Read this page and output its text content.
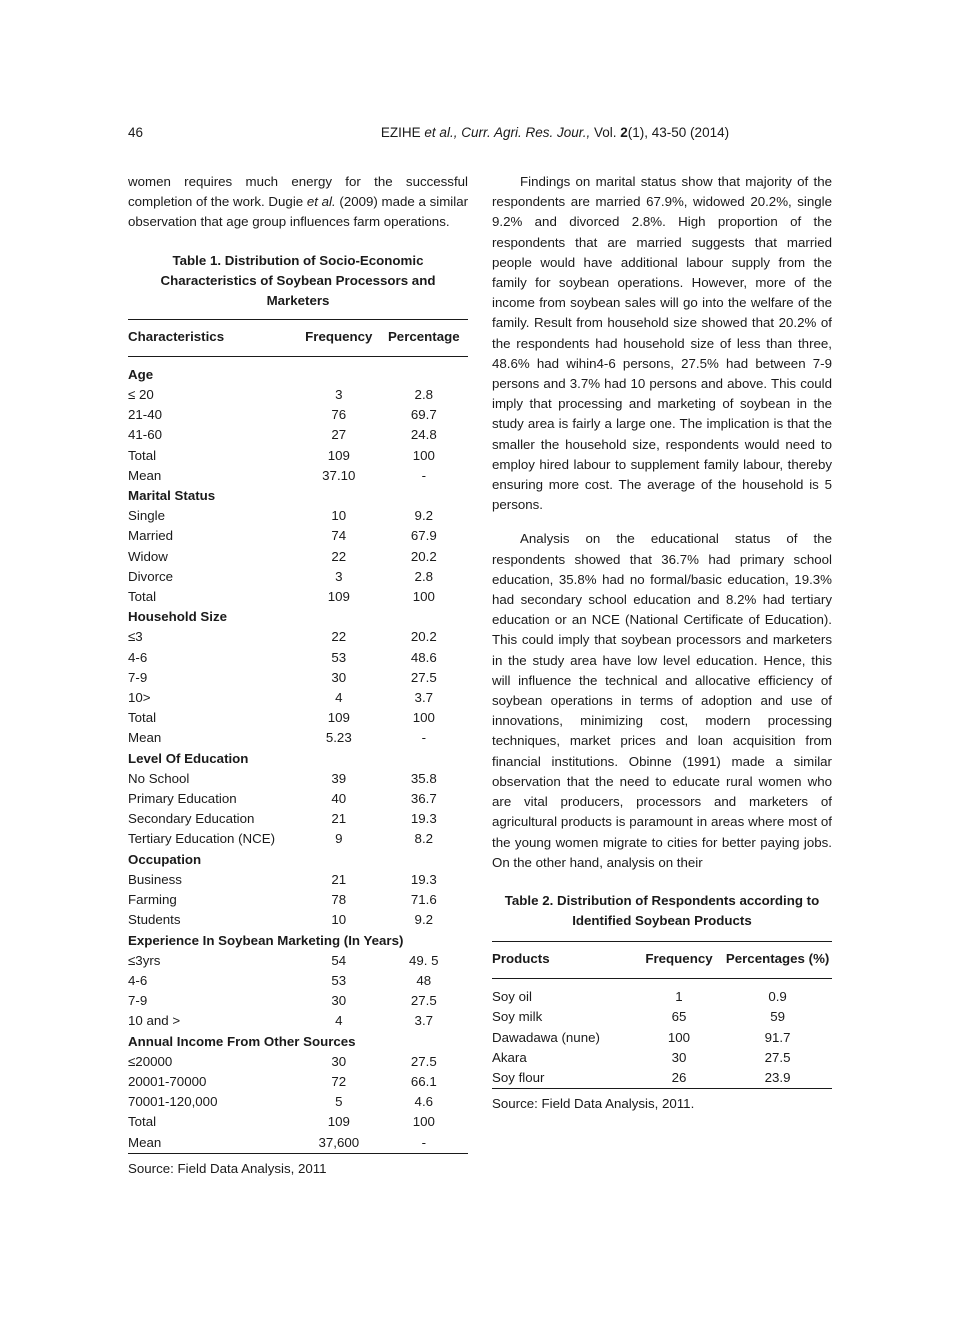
46	EZIHE et al., Curr. Agri. Res. Jour., Vol. 2(1), 43-50 (2014)

women requires much energy for the successful completion of the work. Dugie et al. (2009) made a similar observation that age group influences farm operations.

Table 1. Distribution of Socio-Economic Characteristics of Soybean Processors and Marketers
Characteristics	Frequency	Percentage

Age		
≤ 20	3	2.8
21-40	76	69.7
41-60	27	24.8
Total	109	100
Mean	37.10	-
Marital Status		
Single	10	9.2
Married	74	67.9
Widow	22	20.2
Divorce	3	2.8
Total	109	100
Household Size		
≤3	22	20.2
4-6	53	48.6
7-9	30	27.5
10>	4	3.7
Total	109	100
Mean	5.23	-
Level Of Education		
No School	39	35.8
Primary Education	40	36.7
Secondary Education	21	19.3
Tertiary Education (NCE)	9	8.2
Occupation		
Business	21	19.3
Farming	78	71.6
Students	10	9.2
Experience In Soybean Marketing (In Years)		
≤3yrs	54	49. 5
4-6	53	48
7-9	30	27.5
10 and >	4	3.7
Annual Income From Other Sources		
≤20000	30	27.5
20001-70000	72	66.1
70001-120,000	5	4.6
Total	109	100
Mean	37,600	-
Source: Field Data Analysis, 2011

Findings on marital status show that majority of the respondents are married 67.9%, widowed 20.2%, single 9.2% and divorced 2.8%. High proportion of the respondents that are married suggests that married people would have additional labour supply from the family for soybean operations. However, more of the income from soybean sales will go into the welfare of the family. Result from household size showed that 20.2% of the respondents had household size of less than three, 48.6% had wihin4-6 persons, 27.5% had between 7-9 persons and 3.7% had 10 persons and above. This could imply that processing and marketing of soybean in the study area is fairly a large one. The implication is that the smaller the household size, respondents would need to employ hired labour to supplement family labour, thereby ensuring more cost. The average of the household is 5 persons.

Analysis on the educational status of the respondents showed that 36.7% had primary school education, 35.8% had no formal/basic education, 19.3% had secondary school education and 8.2% had tertiary education or an NCE (National Certificate of Education). This could imply that soybean processors and marketers in the study area have low level education. Hence, this will influence the technical and allocative efficiency of soybean operations in terms of adoption and use of innovations, minimizing cost, modern processing techniques, market prices and loan acquisition from financial institutions. Obinne (1991) made a similar observation that the need to educate rural women who are vital producers, processors and marketers of agricultural products is paramount in areas where most of the young women migrate to cities for better paying jobs. On the other hand, analysis on their

Table 2. Distribution of Respondents according to Identified Soybean Products
Products	Frequency	Percentages (%)

Soy oil	1	0.9
Soy milk	65	59
Dawadawa (nune)	100	91.7
Akara	30	27.5
Soy flour	26	23.9
Source: Field Data Analysis, 2011.
